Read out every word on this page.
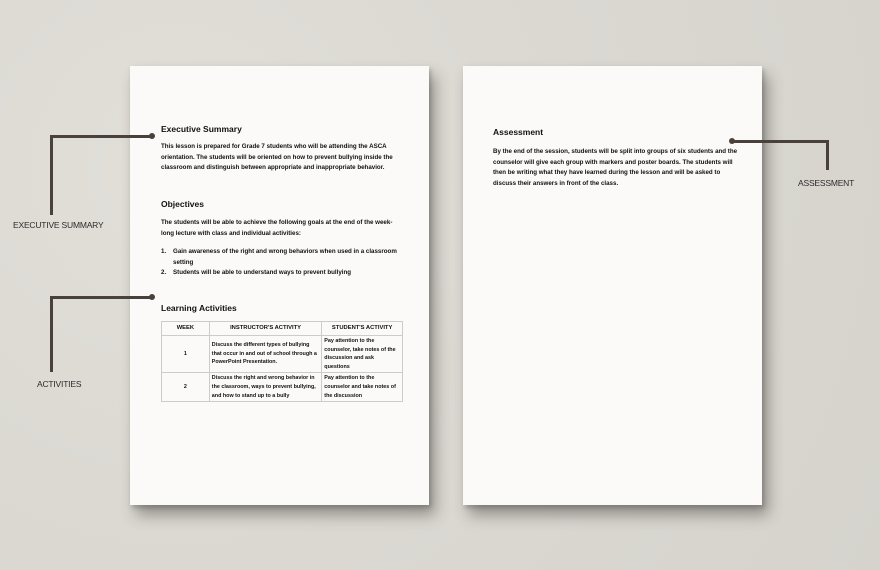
Executive Summary
This lesson is prepared for Grade 7 students who will be attending the ASCA orientation. The students will be oriented on how to prevent bullying inside the classroom and distinguish between appropriate and inappropriate behavior.
Objectives
The students will be able to achieve the following goals at the end of the week-long lecture with class and individual activities:
1. Gain awareness of the right and wrong behaviors when used in a classroom setting
2. Students will be able to understand ways to prevent bullying
Learning Activities
WEEK	INSTRUCTOR'S ACTIVITY	STUDENT'S ACTIVITY
1	Discuss the different types of bullying that occur in and out of school through a PowerPoint Presentation.	Pay attention to the counselor, take notes of the discussion and ask questions
2	Discuss the right and wrong behavior in the classroom, ways to prevent bullying, and how to stand up to a bully	Pay attention to the counselor and take notes of the discussion
Assessment
By the end of the session, students will be split into groups of six students and the counselor will give each group with markers and poster boards. The students will then be writing what they have learned during the lesson and will be asked to discuss their answers in front of the class.
EXECUTIVE SUMMARY
ACTIVITIES
ASSESSMENT
